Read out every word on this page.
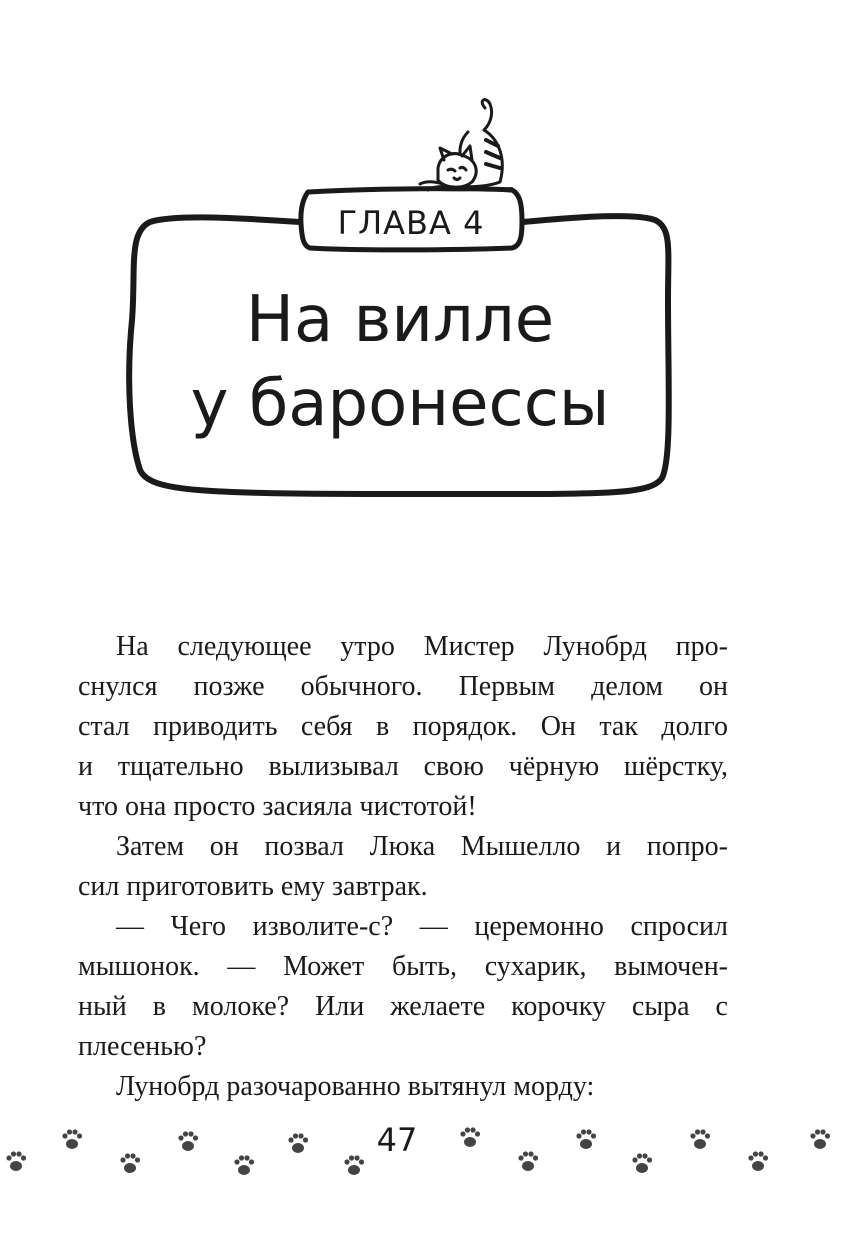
ГЛАВА 4
На вилле
у баронессы
На следующее утро Мистер Лунобрд про-
снулся позже обычного. Первым делом он
стал приводить себя в порядок. Он так долго
и тщательно вылизывал свою чёрную шёрстку,
что она просто засияла чистотой!
Затем он позвал Люка Мышелло и попро-
сил приготовить ему завтрак.
— Чего изволите-с? — церемонно спросил
мышонок. — Может быть, сухарик, вымочен-
ный в молоке? Или желаете корочку сыра с
плесенью?
Лунобрд разочарованно вытянул морду:
47
